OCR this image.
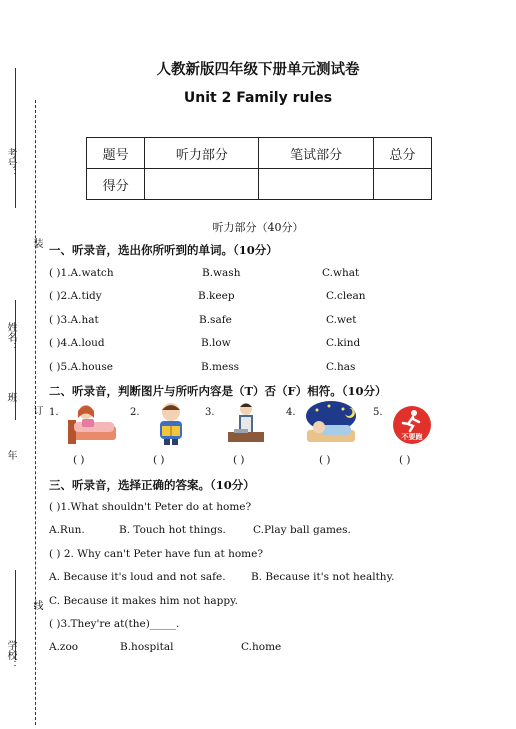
考号：
姓名：
班
年
学校：
装
订
线
人教新版四年级下册单元测试卷
Unit 2 Family rules
题号	听力部分	笔试部分	总分
得分			
听力部分（40分）
一、听录音，选出你所听到的单词。（10分）
( )1.A.watch	B.wash	C.what
( )2.A.tidy	B.keep	C.clean
( )3.A.hat	B.safe	C.wet
( )4.A.loud	B.low	C.kind
( )5.A.house	B.mess	C.has
二、听录音，判断图片与所听内容是（T）否（F）相符。（10分）
1.
( )
2.
( )
3.
( )
4.
( )
5.
不要跑
( )
三、听录音，选择正确的答案。（10分）
( )1.What shouldn't Peter do at home?
A.Run.	B. Touch hot things.	C.Play ball games.
( ) 2. Why can't Peter have fun at home?
A. Because it's loud and not safe. B. Because it's not healthy.
C. Because it makes him not happy.
( )3.They're at(the)_____.
A.zoo	B.hospital	C.home
